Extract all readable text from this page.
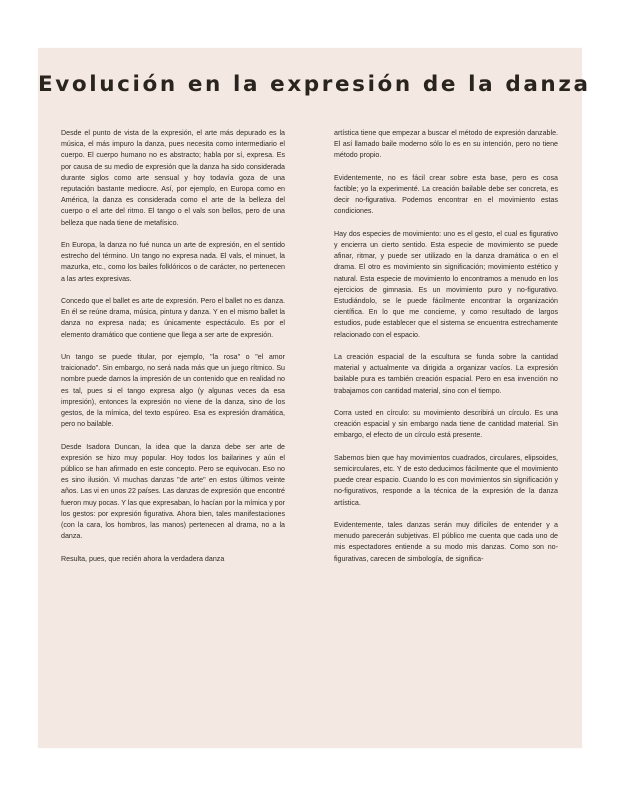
Evolución en la expresión de la danza

Desde el punto de vista de la expresión, el arte más depurado es la música, el más impuro la danza, pues necesita como intermediario el cuerpo. El cuerpo humano no es abstracto; habla por sí, expresa. Es por causa de su medio de expresión que la danza ha sido considerada durante siglos como arte sensual y hoy todavía goza de una reputación bastante mediocre. Así, por ejemplo, en Europa como en América, la danza es considerada como el arte de la belleza del cuerpo o el arte del ritmo. El tango o el vals son bellos, pero de una belleza que nada tiene de metafísico.

En Europa, la danza no fué nunca un arte de expresión, en el sentido estrecho del término. Un tango no expresa nada. El vals, el minuet, la mazurka, etc., como los bailes folklóricos o de carácter, no pertenecen a las artes expresivas.

Concedo que el ballet es arte de expresión. Pero el ballet no es danza. En él se reúne drama, música, pintura y danza. Y en el mismo ballet la danza no expresa nada; es únicamente espectáculo. Es por el elemento dramático que contiene que llega a ser arte de expresión.

Un tango se puede titular, por ejemplo, "la rosa" o "el amor traicionado". Sin embargo, no será nada más que un juego rítmico. Su nombre puede darnos la impresión de un contenido que en realidad no es tal, pues si el tango expresa algo (y algunas veces da esa impresión), entonces la expresión no viene de la danza, sino de los gestos, de la mímica, del texto espúreo. Esa es expresión dramática, pero no bailable.

Desde Isadora Duncan, la idea que la danza debe ser arte de expresión se hizo muy popular. Hoy todos los bailarines y aún el público se han afirmado en este concepto. Pero se equivocan. Eso no es sino ilusión. Vi muchas danzas "de arte" en estos últimos veinte años. Las vi en unos 22 países. Las danzas de expresión que encontré fueron muy pocas. Y las que expresaban, lo hacían por la mímica y por los gestos: por expresión figurativa. Ahora bien, tales manifestaciones (con la cara, los hombros, las manos) pertenecen al drama, no a la danza.

Resulta, pues, que recién ahora la verdadera danza

artística tiene que empezar a buscar el método de expresión danzable. El así llamado baile moderno sólo lo es en su intención, pero no tiene método propio.

Evidentemente, no es fácil crear sobre esta base, pero es cosa factible; yo la experimenté. La creación bailable debe ser concreta, es decir no-figurativa. Podemos encontrar en el movimiento estas condiciones.

Hay dos especies de movimiento: uno es el gesto, el cual es figurativo y encierra un cierto sentido. Esta especie de movimiento se puede afinar, ritmar, y puede ser utilizado en la danza dramática o en el drama. El otro es movimiento sin significación; movimiento estético y natural. Esta especie de movimiento lo encontramos a menudo en los ejercicios de gimnasia. Es un movimiento puro y no-figurativo. Estudiándolo, se le puede fácilmente encontrar la organización científica. En lo que me concierne, y como resultado de largos estudios, pude establecer que el sistema se encuentra estrechamente relacionado con el espacio.

La creación espacial de la escultura se funda sobre la cantidad material y actualmente va dirigida a organizar vacíos. La expresión bailable pura es también creación espacial. Pero en esa invención no trabajamos con cantidad material, sino con el tiempo.

Corra usted en círculo: su movimiento describirá un círculo. Es una creación espacial y sin embargo nada tiene de cantidad material. Sin embargo, el efecto de un círculo está presente.

Sabemos bien que hay movimientos cuadrados, circulares, elipsoides, semicirculares, etc. Y de esto deducimos fácilmente que el movimiento puede crear espacio. Cuando lo es con movimientos sin significación y no-figurativos, responde a la técnica de la expresión de la danza artística.

Evidentemente, tales danzas serán muy difíciles de entender y a menudo parecerán subjetivas. El público me cuenta que cada uno de mis espectadores entiende a su modo mis danzas. Como son no-figurativas, carecen de simbología, de significa-
